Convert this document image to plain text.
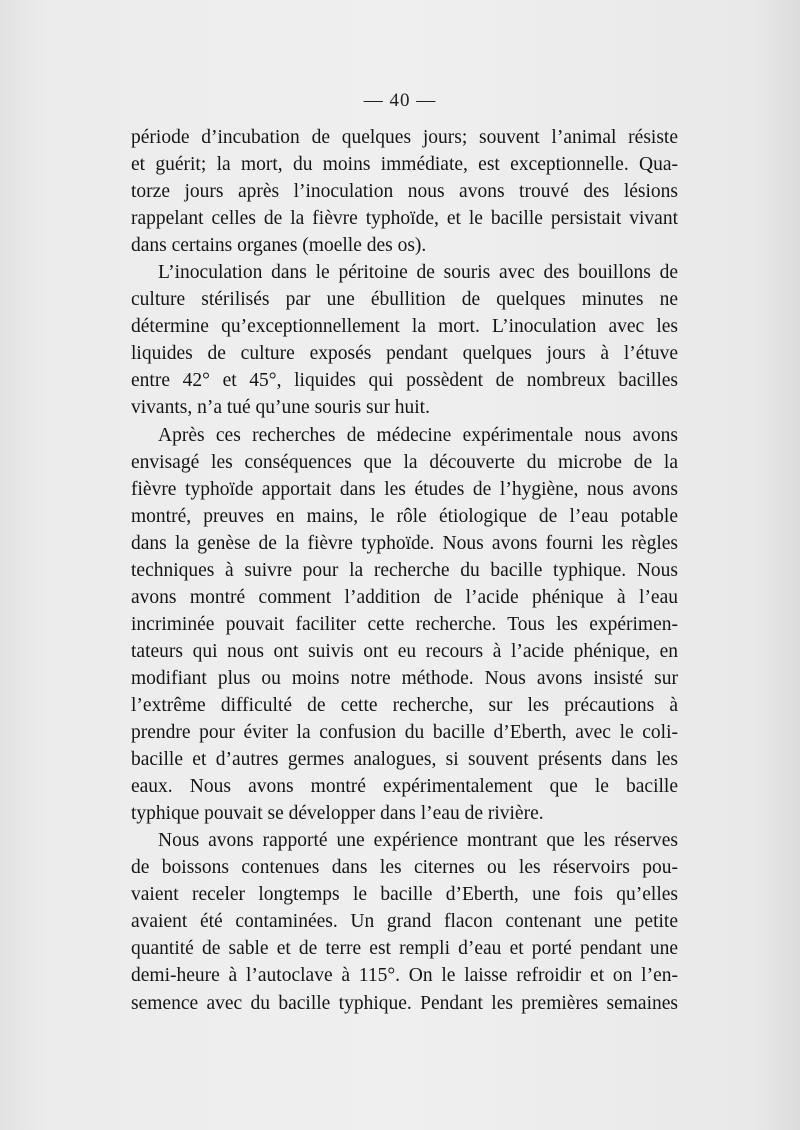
— 40 —
période d’incubation de quelques jours; souvent l’animal résiste
et guérit; la mort, du moins immédiate, est exceptionnelle. Qua-
torze jours après l’inoculation nous avons trouvé des lésions
rappelant celles de la fièvre typhoïde, et le bacille persistait vivant
dans certains organes (moelle des os).
L’inoculation dans le péritoine de souris avec des bouillons de
culture stérilisés par une ébullition de quelques minutes ne
détermine qu’exceptionnellement la mort. L’inoculation avec les
liquides de culture exposés pendant quelques jours à l’étuve
entre 42° et 45°, liquides qui possèdent de nombreux bacilles
vivants, n’a tué qu’une souris sur huit.
Après ces recherches de médecine expérimentale nous avons
envisagé les conséquences que la découverte du microbe de la
fièvre typhoïde apportait dans les études de l’hygiène, nous avons
montré, preuves en mains, le rôle étiologique de l’eau potable
dans la genèse de la fièvre typhoïde. Nous avons fourni les règles
techniques à suivre pour la recherche du bacille typhique. Nous
avons montré comment l’addition de l’acide phénique à l’eau
incriminée pouvait faciliter cette recherche. Tous les expérimen-
tateurs qui nous ont suivis ont eu recours à l’acide phénique, en
modifiant plus ou moins notre méthode. Nous avons insisté sur
l’extrême difficulté de cette recherche, sur les précautions à
prendre pour éviter la confusion du bacille d’Eberth, avec le coli-
bacille et d’autres germes analogues, si souvent présents dans les
eaux. Nous avons montré expérimentalement que le bacille
typhique pouvait se développer dans l’eau de rivière.
Nous avons rapporté une expérience montrant que les réserves
de boissons contenues dans les citernes ou les réservoirs pou-
vaient receler longtemps le bacille d’Eberth, une fois qu’elles
avaient été contaminées. Un grand flacon contenant une petite
quantité de sable et de terre est rempli d’eau et porté pendant une
demi-heure à l’autoclave à 115°. On le laisse refroidir et on l’en-
semence avec du bacille typhique. Pendant les premières semaines
